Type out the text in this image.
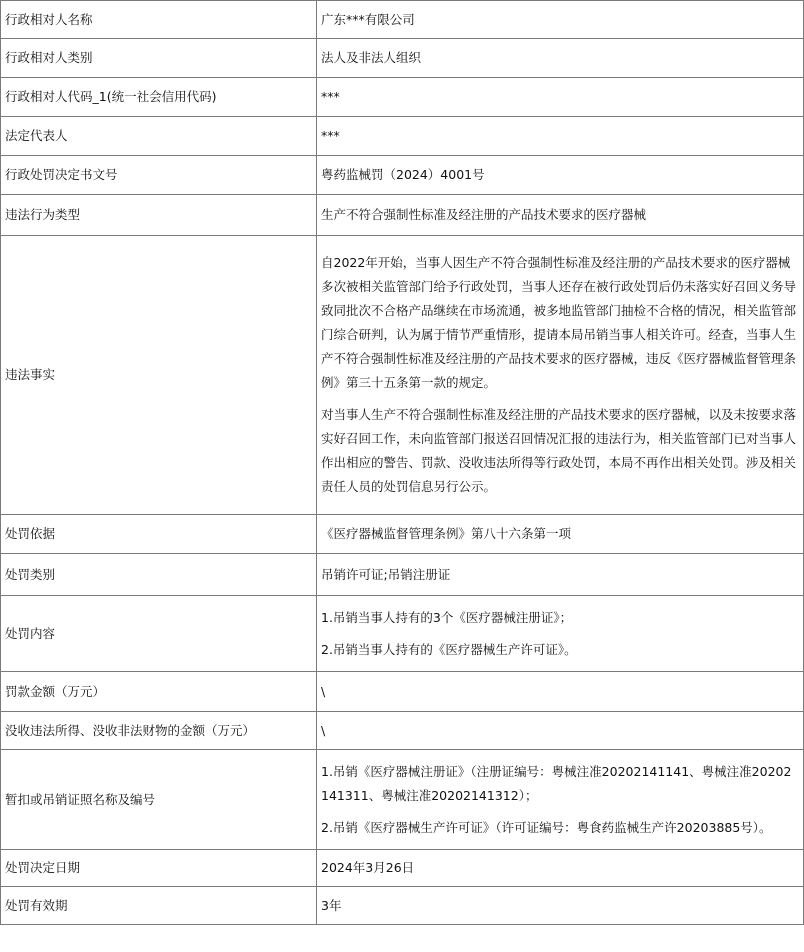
行政相对人名称	广东***有限公司
行政相对人类别	法人及非法人组织
行政相对人代码_1(统一社会信用代码)	***
法定代表人	***
行政处罚决定书文号	粤药监械罚（2024）4001号
违法行为类型	生产不符合强制性标准及经注册的产品技术要求的医疗器械
违法事实	自2022年开始，当事人因生产不符合强制性标准及经注册的产品技术要求的医疗器械多次被相关监管部门给予行政处罚，当事人还存在被行政处罚后仍未落实好召回义务导致同批次不合格产品继续在市场流通，被多地监管部门抽检不合格的情况，相关监管部门综合研判，认为属于情节严重情形，提请本局吊销当事人相关许可。经查，当事人生产不符合强制性标准及经注册的产品技术要求的医疗器械，违反《医疗器械监督管理条例》第三十五条第一款的规定。

对当事人生产不符合强制性标准及经注册的产品技术要求的医疗器械，以及未按要求落实好召回工作，未向监管部门报送召回情况汇报的违法行为，相关监管部门已对当事人作出相应的警告、罚款、没收违法所得等行政处罚，本局不再作出相关处罚。涉及相关责任人员的处罚信息另行公示。

处罚依据	《医疗器械监督管理条例》第八十六条第一项
处罚类别	吊销许可证;吊销注册证
处罚内容	1.吊销当事人持有的3个《医疗器械注册证》；

2.吊销当事人持有的《医疗器械生产许可证》。

罚款金额（万元）	\
没收违法所得、没收非法财物的金额（万元）	\
暂扣或吊销证照名称及编号	1.吊销《医疗器械注册证》（注册证编号：粤械注准20202141141、粤械注准20202141311、粤械注准20202141312）；

2.吊销《医疗器械生产许可证》（许可证编号：粤食药监械生产许20203885号）。

处罚决定日期	2024年3月26日
处罚有效期	3年
